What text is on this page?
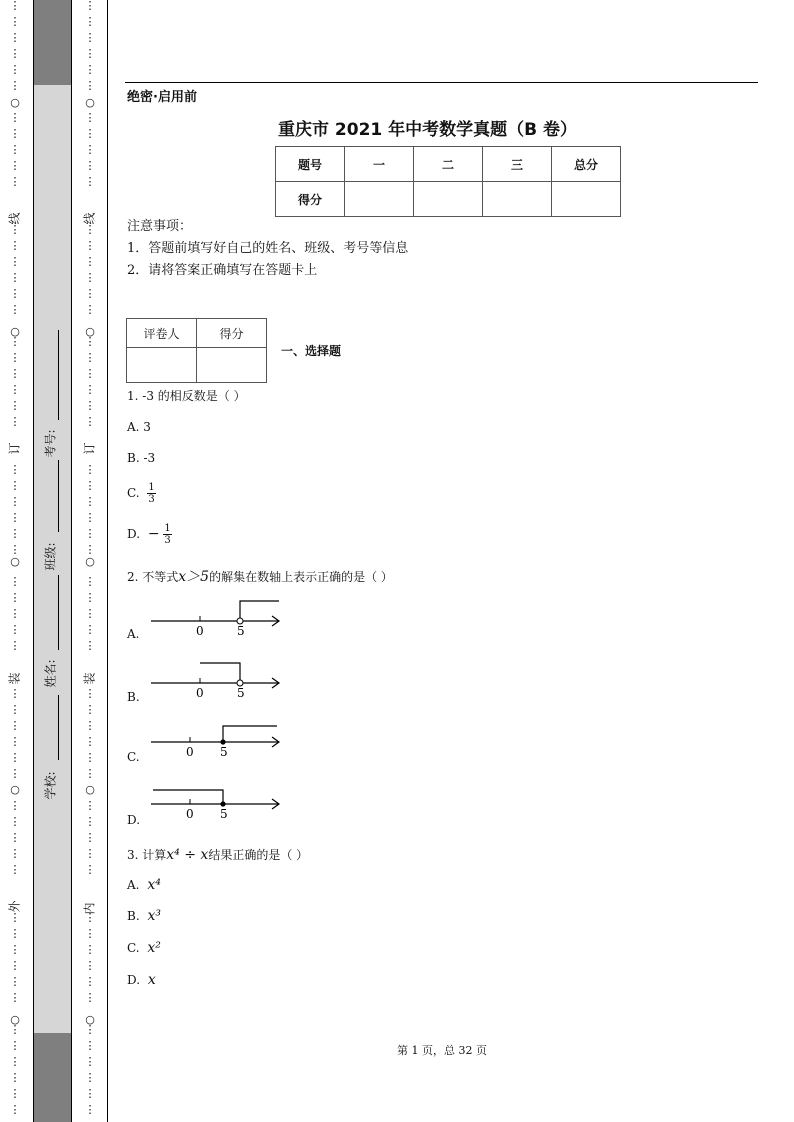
⋮
⋮
⋮
⋮
⋮
⋮
⋮
⋮
⋮
⋮
⋮
⋮
⋮
⋮
⋮
⋮
⋮
⋮
⋮
⋮
⋮
⋮
⋮
⋮
⋮
⋮
⋮
⋮
⋮
⋮
⋮
⋮
⋮
⋮
⋮
⋮
⋮
⋮
⋮
⋮
⋮
⋮
⋮
⋮
⋮
⋮
⋮
⋮
⋮
⋮
⋮
⋮
⋮
⋮
⋮
⋮
⋮
○
○
○
○
○
⋮
⋮
⋮
⋮
⋮
⋮
⋮
⋮
⋮
⋮
⋮
⋮
⋮
⋮
⋮
⋮
⋮
⋮
⋮
⋮
⋮
⋮
⋮
⋮
⋮
⋮
⋮
⋮
⋮
⋮
⋮
⋮
⋮
⋮
⋮
⋮
⋮
⋮
⋮
⋮
⋮
⋮
⋮
⋮
⋮
⋮
⋮
⋮
⋮
⋮
⋮
⋮
⋮
⋮
⋮
⋮
⋮
○
○
○
○
○
线
订
装
外
线
订
装
内
考号:
班级:
姓名:
学校:
绝密·启用前
重庆市 2021 年中考数学真题（B 卷）
题号	一	二	三	总分
得分				
注意事项：
1．答题前填写好自己的姓名、班级、考号等信息
2．请将答案正确填写在答题卡上
评卷人	得分

一、选择题
1. -3 的相反数是（ ）
A. 3
B. -3
C. $\frac{1}{3}$
D. − $\frac{1}{3}$
2. 不等式x＞5的解集在数轴上表示正确的是（ ）
A.
B.
C.
D.
0	5
0	5
0 5
0 5
3. 计算x⁴ ÷ x结果正确的是（ ）
A. x⁴
B. x³
C. x²
D. x
第 1 页，总 32 页
